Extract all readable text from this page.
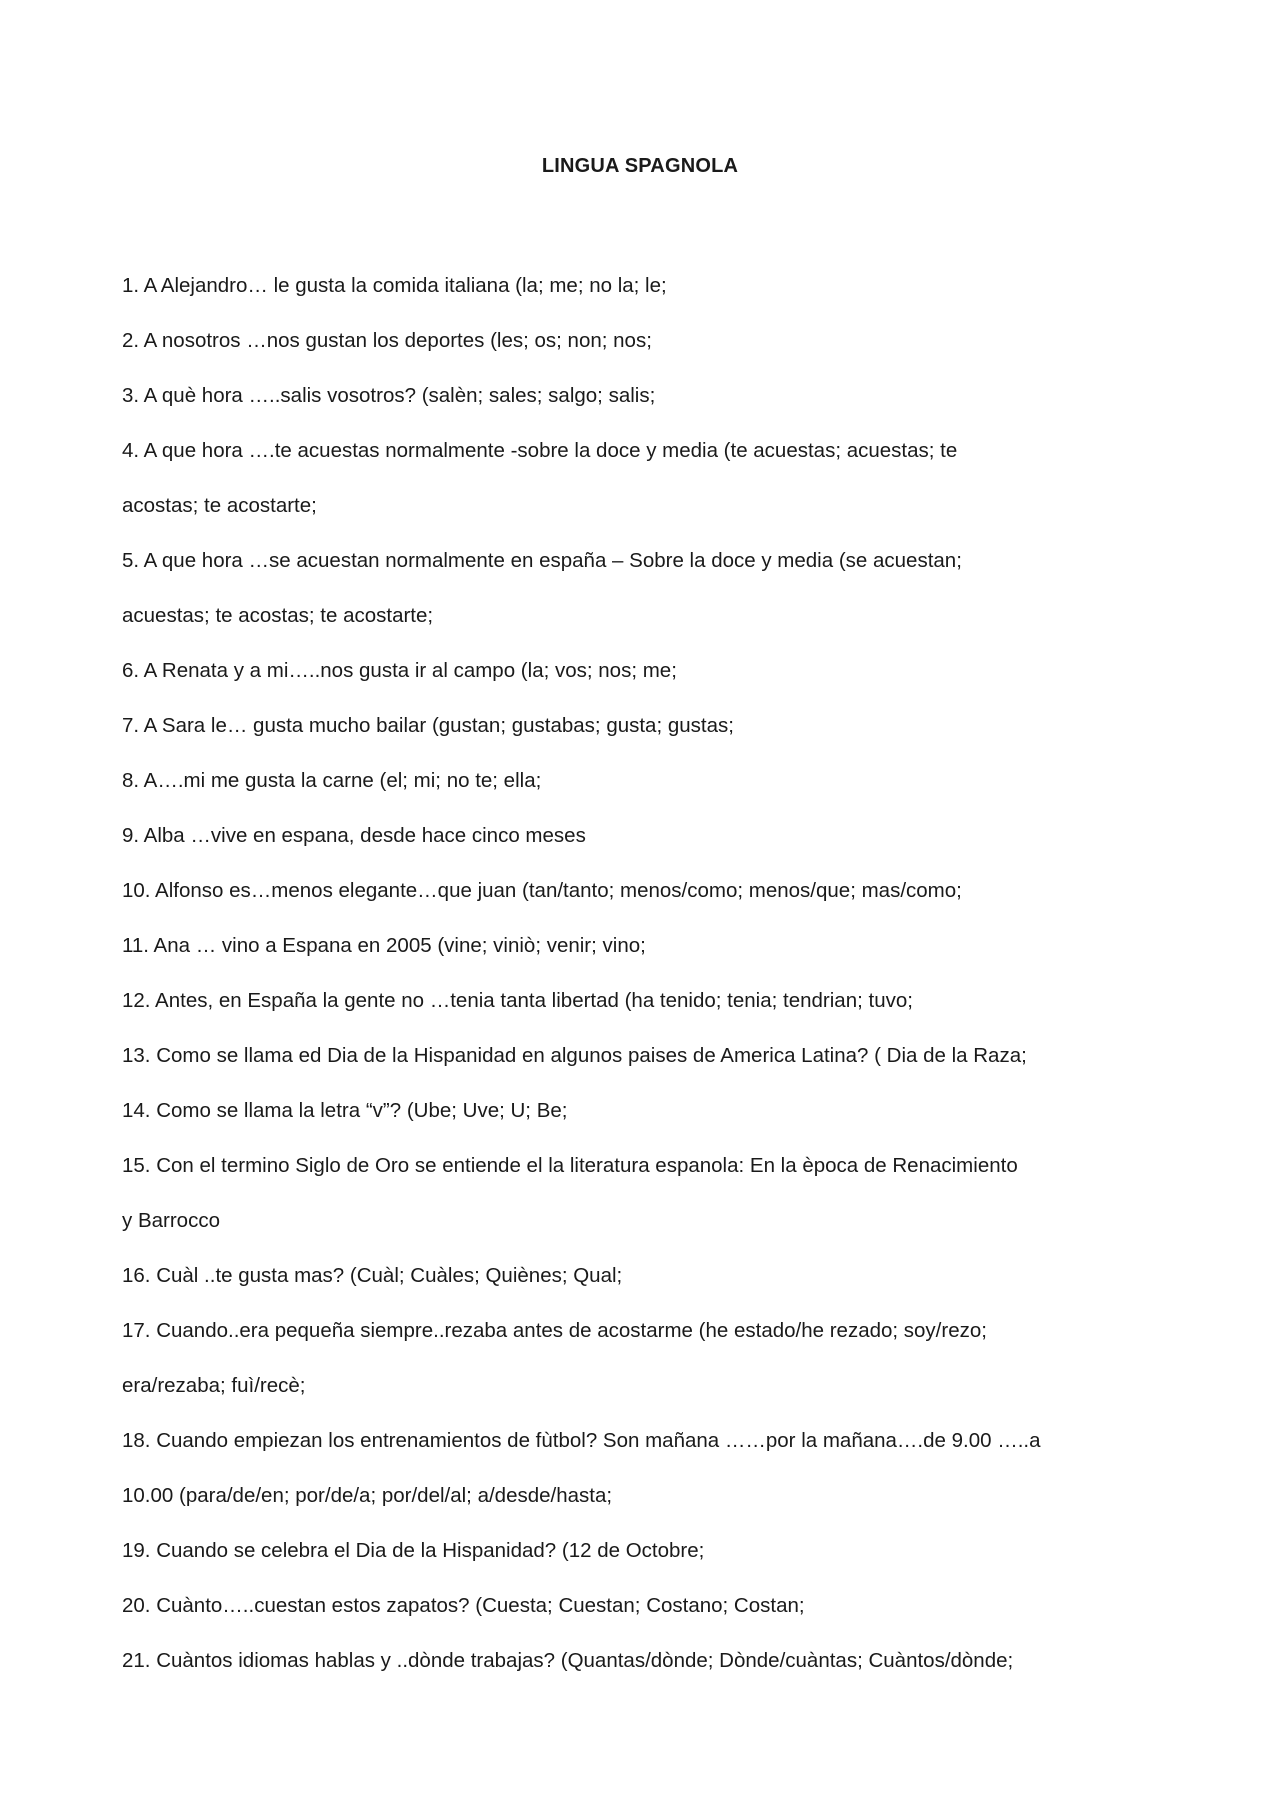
LINGUA SPAGNOLA
1. A Alejandro… le gusta la comida italiana (la; me; no la; le;
2. A nosotros …nos gustan los deportes (les; os; non; nos;
3. A què hora …..salis vosotros? (salèn; sales; salgo; salis;
4. A que hora ….te acuestas normalmente -sobre la doce y media (te acuestas; acuestas; te
acostas; te acostarte;
5. A que hora …se acuestan normalmente en españa – Sobre la doce y media (se acuestan;
acuestas; te acostas; te acostarte;
6. A Renata y a mi…..nos gusta ir al campo (la; vos; nos; me;
7. A Sara le… gusta mucho bailar (gustan; gustabas; gusta; gustas;
8. A….mi me gusta la carne (el; mi; no te; ella;
9. Alba …vive en espana, desde hace cinco meses
10. Alfonso es…menos elegante…que juan (tan/tanto; menos/como; menos/que; mas/como;
11. Ana … vino a Espana en 2005 (vine; viniò; venir; vino;
12. Antes, en España la gente no …tenia tanta libertad (ha tenido; tenia; tendrian; tuvo;
13. Como se llama ed Dia de la Hispanidad en algunos paises de America Latina? ( Dia de la Raza;
14. Como se llama la letra “v”? (Ube; Uve; U; Be;
15. Con el termino Siglo de Oro se entiende el la literatura espanola: En la època de Renacimiento
y Barrocco
16. Cuàl ..te gusta mas? (Cuàl; Cuàles; Quiènes; Qual;
17. Cuando..era pequeña siempre..rezaba antes de acostarme (he estado/he rezado; soy/rezo;
era/rezaba; fuì/recè;
18. Cuando empiezan los entrenamientos de fùtbol? Son mañana ……por la mañana….de 9.00 …..a
10.00 (para/de/en; por/de/a; por/del/al; a/desde/hasta;
19. Cuando se celebra el Dia de la Hispanidad? (12 de Octobre;
20. Cuànto…..cuestan estos zapatos? (Cuesta; Cuestan; Costano; Costan;
21. Cuàntos idiomas hablas y ..dònde trabajas? (Quantas/dònde; Dònde/cuàntas; Cuàntos/dònde;
